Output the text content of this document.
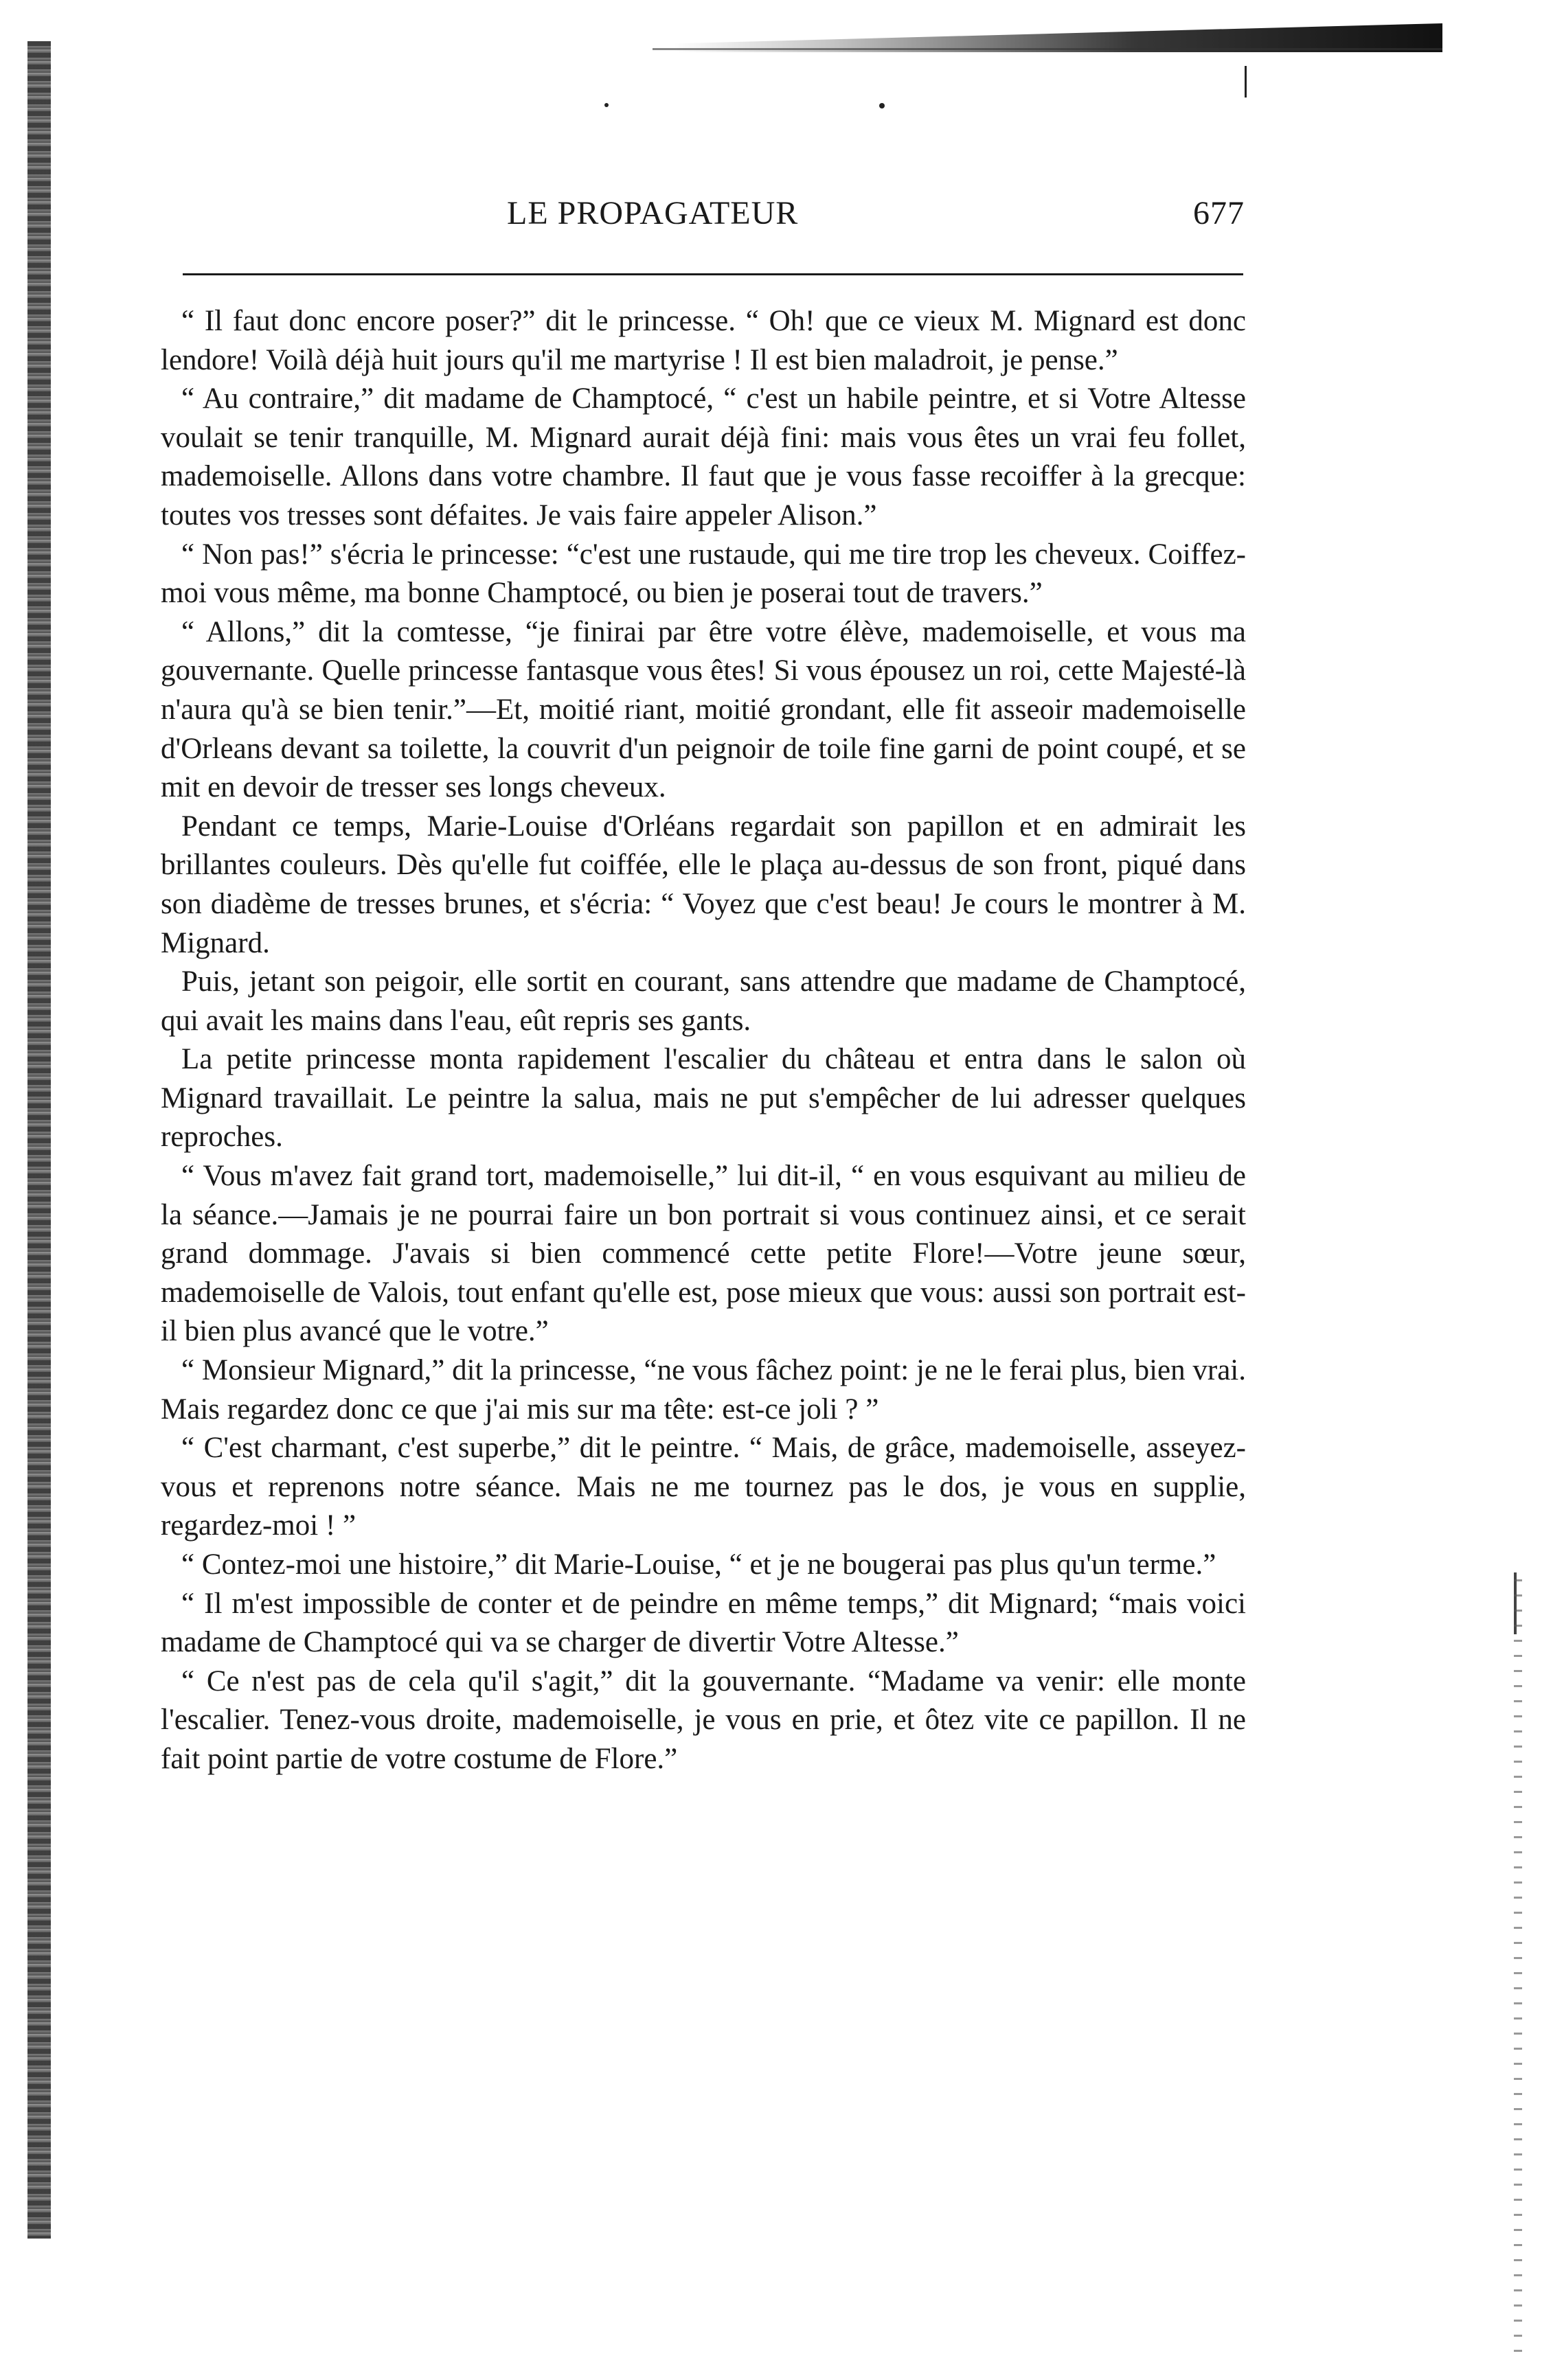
LE PROPAGATEUR	677

“ Il faut donc encore poser?” dit le princesse. “ Oh! que ce vieux M. Mignard est donc lendore! Voilà déjà huit jours qu'il me martyrise ! Il est bien maladroit, je pense.”

“ Au contraire,” dit madame de Champtocé, “ c'est un habile peintre, et si Votre Altesse voulait se tenir tranquille, M. Mignard aurait déjà fini: mais vous êtes un vrai feu follet, mademoiselle. Allons dans votre chambre. Il faut que je vous fasse recoiffer à la grecque: toutes vos tresses sont défaites. Je vais faire appeler Alison.”

“ Non pas!” s'écria le princesse: “c'est une rustaude, qui me tire trop les cheveux. Coiffez-moi vous même, ma bonne Champtocé, ou bien je poserai tout de travers.”

“ Allons,” dit la comtesse, “je finirai par être votre élève, mademoiselle, et vous ma gouvernante. Quelle princesse fantasque vous êtes! Si vous épousez un roi, cette Majesté-là n'aura qu'à se bien tenir.”—Et, moitié riant, moitié grondant, elle fit asseoir mademoiselle d'Orleans devant sa toilette, la couvrit d'un peignoir de toile fine garni de point coupé, et se mit en devoir de tresser ses longs cheveux.

Pendant ce temps, Marie-Louise d'Orléans regardait son papillon et en admirait les brillantes couleurs. Dès qu'elle fut coiffée, elle le plaça au-dessus de son front, piqué dans son diadème de tresses brunes, et s'écria: “ Voyez que c'est beau! Je cours le montrer à M. Mignard.

Puis, jetant son peigoir, elle sortit en courant, sans attendre que madame de Champtocé, qui avait les mains dans l'eau, eût repris ses gants.

La petite princesse monta rapidement l'escalier du château et entra dans le salon où Mignard travaillait. Le peintre la salua, mais ne put s'empêcher de lui adresser quelques reproches.

“ Vous m'avez fait grand tort, mademoiselle,” lui dit-il, “ en vous esquivant au milieu de la séance.—Jamais je ne pourrai faire un bon portrait si vous continuez ainsi, et ce serait grand dommage. J'avais si bien commencé cette petite Flore!—Votre jeune sœur, mademoiselle de Valois, tout enfant qu'elle est, pose mieux que vous: aussi son portrait est-il bien plus avancé que le votre.”

“ Monsieur Mignard,” dit la princesse, “ne vous fâchez point: je ne le ferai plus, bien vrai. Mais regardez donc ce que j'ai mis sur ma tête: est-ce joli ? ”

“ C'est charmant, c'est superbe,” dit le peintre. “ Mais, de grâce, mademoiselle, asseyez-vous et reprenons notre séance. Mais ne me tournez pas le dos, je vous en supplie, regardez-moi ! ”

“ Contez-moi une histoire,” dit Marie-Louise, “ et je ne bougerai pas plus qu'un terme.”

“ Il m'est impossible de conter et de peindre en même temps,” dit Mignard; “mais voici madame de Champtocé qui va se charger de divertir Votre Altesse.”

“ Ce n'est pas de cela qu'il s'agit,” dit la gouvernante. “Madame va venir: elle monte l'escalier. Tenez-vous droite, mademoiselle, je vous en prie, et ôtez vite ce papillon. Il ne fait point partie de votre costume de Flore.”
